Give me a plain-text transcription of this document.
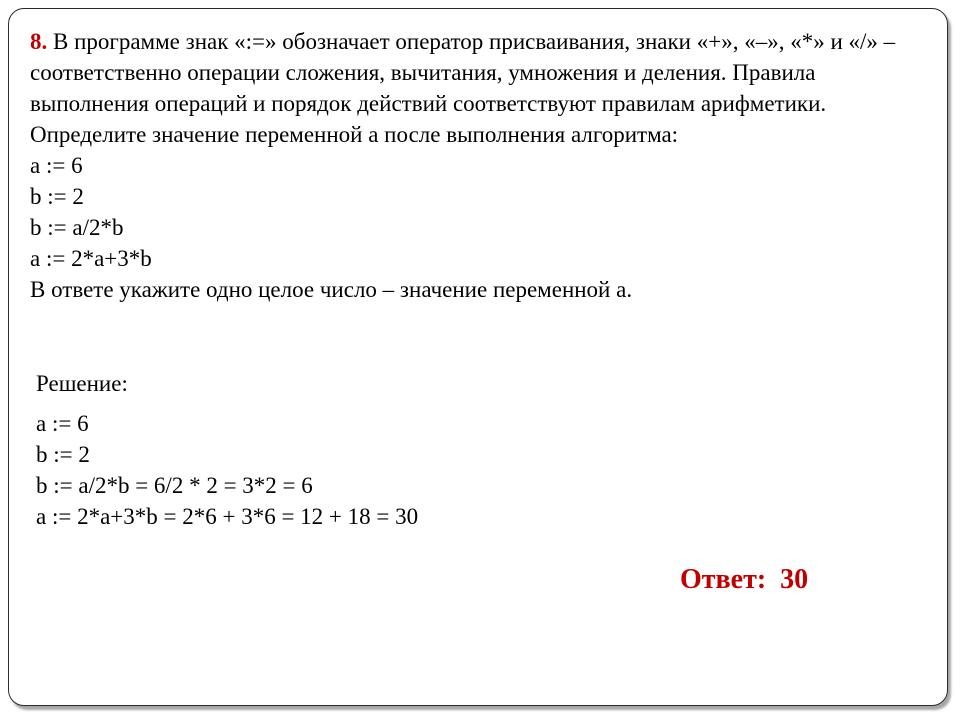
8. В программе знак «:=» обозначает оператор присваивания, знаки «+», «–», «*» и «/» – соответственно операции сложения, вычитания, умножения и деления. Правила выполнения операций и порядок действий соответствуют правилам арифметики.

Определите значение переменной a после выполнения алгоритма:

a := 6
b := 2
b := a/2*b
a := 2*a+3*b

В ответе укажите одно целое число – значение переменной a.

Решение:
a := 6
b := 2
b := a/2*b = 6/2 * 2 = 3*2 = 6
a := 2*a+3*b = 2*6 + 3*6 = 12 + 18 = 30
Ответ: 30
